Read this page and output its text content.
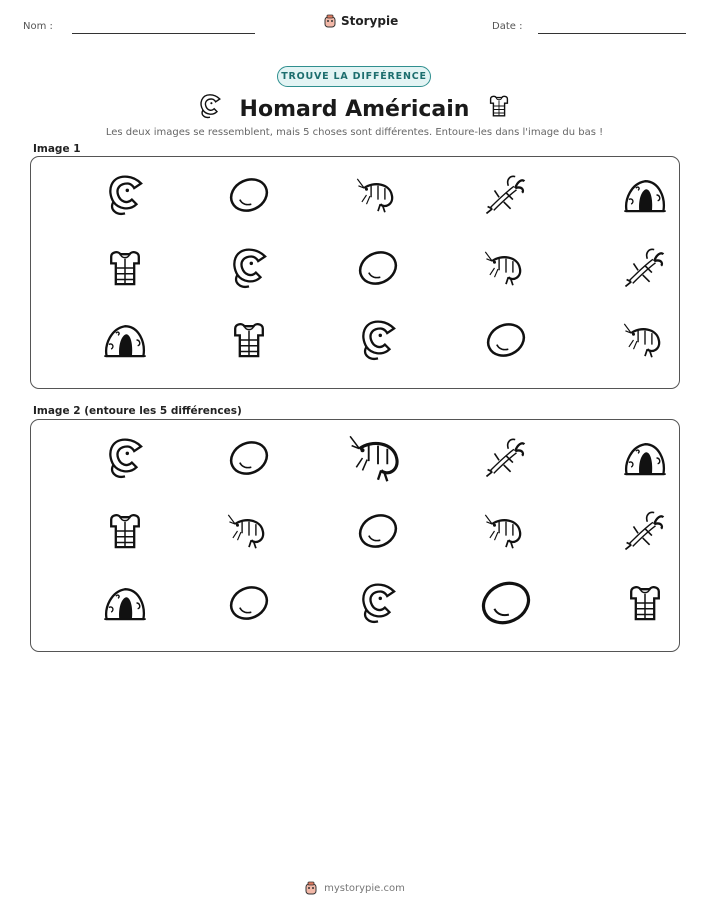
Nom :	Storypie	Date :
TROUVE LA DIFFÉRENCE
Homard Américain
Les deux images se ressemblent, mais 5 choses sont différentes. Entoure-les dans l'image du bas !
Image 1
Image 2 (entoure les 5 différences)
mystorypie.com
